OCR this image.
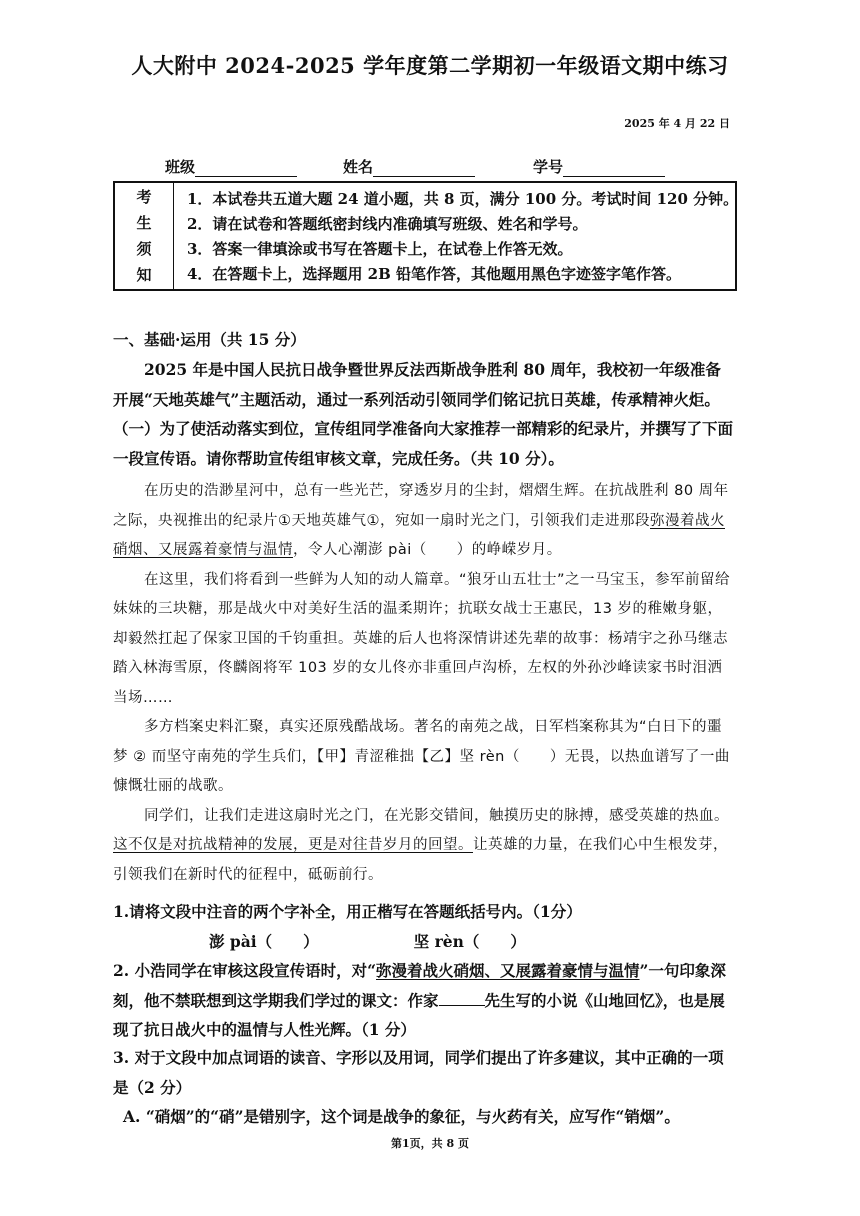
人大附中 2024-2025 学年度第二学期初一年级语文期中练习
2025 年 4 月 22 日
班级	姓名	学号
考
生
须
知
1．本试卷共五道大题 24 道小题，共 8 页，满分 100 分。考试时间 120 分钟。
2．请在试卷和答题纸密封线内准确填写班级、姓名和学号。
3．答案一律填涂或书写在答题卡上，在试卷上作答无效。
4．在答题卡上，选择题用 2B 铅笔作答，其他题用黑色字迹签字笔作答。
一、基础·运用（共 15 分）

2025 年是中国人民抗日战争暨世界反法西斯战争胜利 80 周年，我校初一年级准备开展“天地英雄气”主题活动，通过一系列活动引领同学们铭记抗日英雄，传承精神火炬。

（一）为了使活动落实到位，宣传组同学准备向大家推荐一部精彩的纪录片，并撰写了下面一段宣传语。请你帮助宣传组审核文章，完成任务。（共 10 分）。

在历史的浩渺星河中，总有一些光芒，穿透岁月的尘封，熠熠生辉。在抗战胜利 80 周年之际，央视推出的纪录片①天地英雄气①，宛如一扇时光之门，引领我们走进那段弥漫着战火硝烟、又展露着豪情与温情，令人心潮澎 pài（　　）的峥嵘岁月。

在这里，我们将看到一些鲜为人知的动人篇章。“狼牙山五壮士”之一马宝玉，参军前留给妹妹的三块糖，那是战火中对美好生活的温柔期许；抗联女战士王惠民，13 岁的稚嫩身躯，却毅然扛起了保家卫国的千钧重担。英雄的后人也将深情讲述先辈的故事：杨靖宇之孙马继志踏入林海雪原，佟麟阁将军 103 岁的女儿佟亦非重回卢沟桥，左权的外孙沙峰读家书时泪洒当场……

多方档案史料汇聚，真实还原残酷战场。著名的南苑之战，日军档案称其为“白日下的噩梦 ② 而坚守南苑的学生兵们，【甲】青涩稚拙【乙】坚 rèn（　　）无畏，以热血谱写了一曲慷慨壮丽的战歌。

同学们，让我们走进这扇时光之门，在光影交错间，触摸历史的脉搏，感受英雄的热血。这不仅是对抗战精神的发展，更是对往昔岁月的回望。让英雄的力量，在我们心中生根发芽，引领我们在新时代的征程中，砥砺前行。

1.请将文段中注音的两个字补全，用正楷写在答题纸括号内。（1分）

澎 pài（　　）	坚 rèn（　　）

2. 小浩同学在审核这段宣传语时，对“弥漫着战火硝烟、又展露着豪情与温情”一句印象深刻，他不禁联想到这学期我们学过的课文：作家	先生写的小说《山地回忆》，也是展现了抗日战火中的温情与人性光辉。（1 分）

3. 对于文段中加点词语的读音、字形以及用词，同学们提出了许多建议，其中正确的一项是（2 分）

A. “硝烟”的“硝”是错别字，这个词是战争的象征，与火药有关，应写作“销烟”。

第1页，共 8 页
